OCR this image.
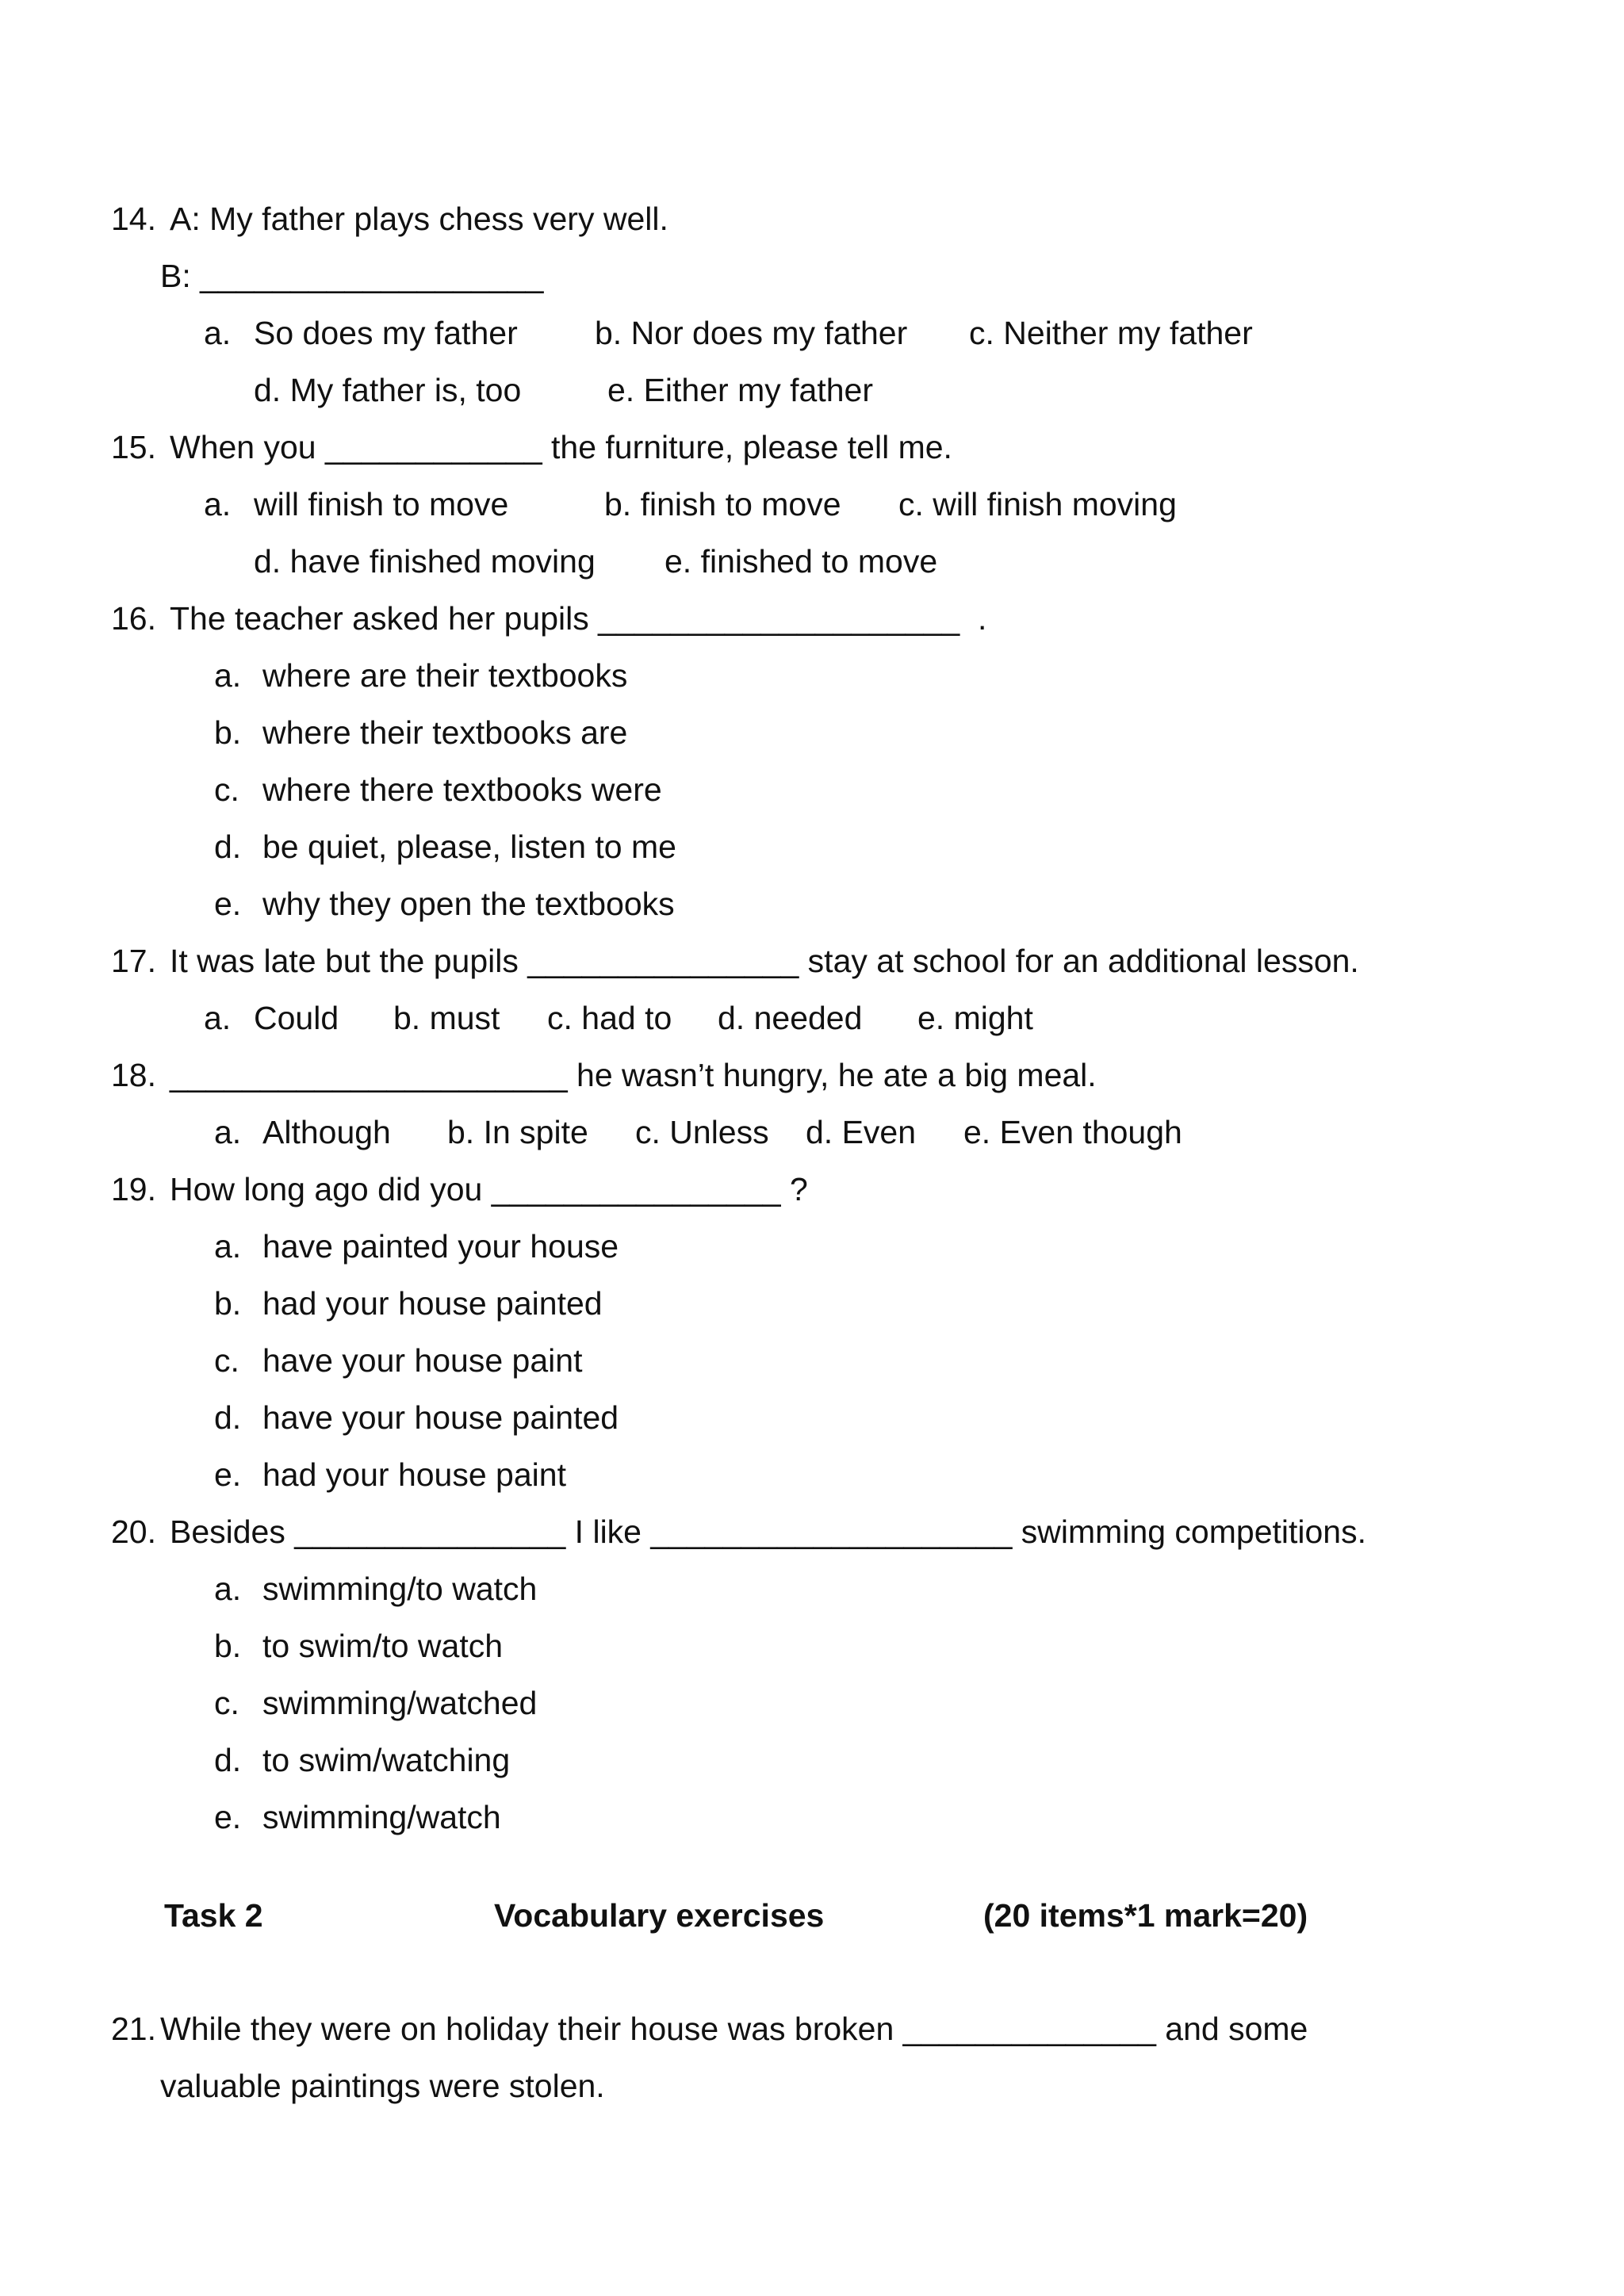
14. A: My father plays chess very well.
B: ___________________
a. So does my father b. Nor does my father c. Neither my father
d. My father is, too	e. Either my father
15. When you ____________ the furniture, please tell me.
a. will finish to move	b. finish to move c. will finish moving
d. have finished moving e. finished to move
16. The teacher asked her pupils ____________________  .
a. where are their textbooks
b. where their textbooks are
c. where there textbooks were
d. be quiet, please, listen to me
e. why they open the textbooks
17. It was late but the pupils _______________ stay at school for an additional lesson.
a. Could b. must c. had to d. needed e. might
18. ______________________ he wasn’t hungry, he ate a big meal.
a. Although b. In spite c. Unless d. Even e. Even though
19. How long ago did you ________________ ?
a. have painted your house
b. had your house painted
c. have your house paint
d. have your house painted
e. had your house paint
20. Besides _______________ I like ____________________ swimming competitions.
a. swimming/to watch
b. to swim/to watch
c. swimming/watched
d. to swim/watching
e. swimming/watch
Task 2	Vocabulary exercises	(20 items*1 mark=20)
21. While they were on holiday their house was broken ______________ and some
valuable paintings were stolen.
